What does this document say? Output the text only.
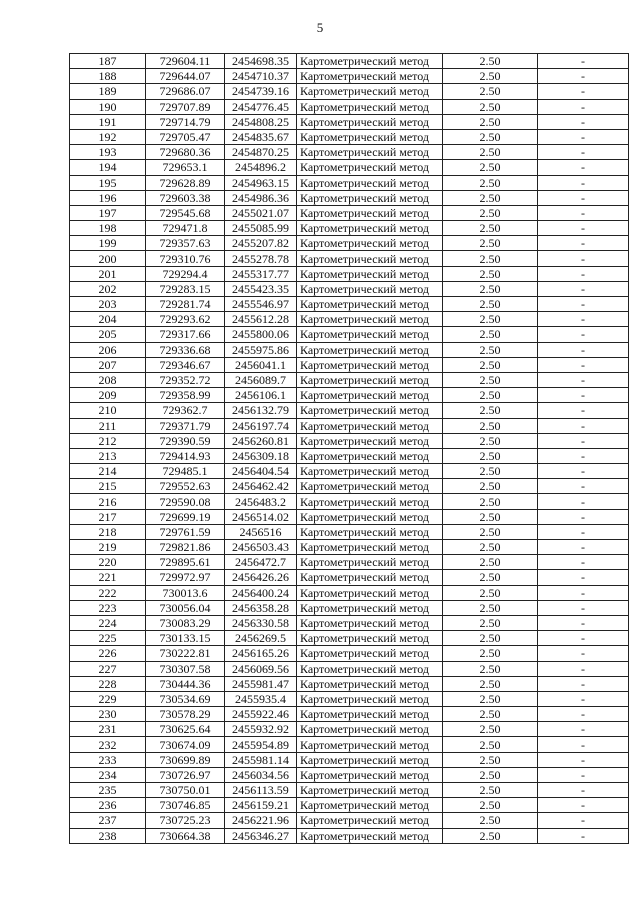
5
187	729604.11	2454698.35	Картометрический метод	2.50	-
188	729644.07	2454710.37	Картометрический метод	2.50	-
189	729686.07	2454739.16	Картометрический метод	2.50	-
190	729707.89	2454776.45	Картометрический метод	2.50	-
191	729714.79	2454808.25	Картометрический метод	2.50	-
192	729705.47	2454835.67	Картометрический метод	2.50	-
193	729680.36	2454870.25	Картометрический метод	2.50	-
194	729653.1	2454896.2	Картометрический метод	2.50	-
195	729628.89	2454963.15	Картометрический метод	2.50	-
196	729603.38	2454986.36	Картометрический метод	2.50	-
197	729545.68	2455021.07	Картометрический метод	2.50	-
198	729471.8	2455085.99	Картометрический метод	2.50	-
199	729357.63	2455207.82	Картометрический метод	2.50	-
200	729310.76	2455278.78	Картометрический метод	2.50	-
201	729294.4	2455317.77	Картометрический метод	2.50	-
202	729283.15	2455423.35	Картометрический метод	2.50	-
203	729281.74	2455546.97	Картометрический метод	2.50	-
204	729293.62	2455612.28	Картометрический метод	2.50	-
205	729317.66	2455800.06	Картометрический метод	2.50	-
206	729336.68	2455975.86	Картометрический метод	2.50	-
207	729346.67	2456041.1	Картометрический метод	2.50	-
208	729352.72	2456089.7	Картометрический метод	2.50	-
209	729358.99	2456106.1	Картометрический метод	2.50	-
210	729362.7	2456132.79	Картометрический метод	2.50	-
211	729371.79	2456197.74	Картометрический метод	2.50	-
212	729390.59	2456260.81	Картометрический метод	2.50	-
213	729414.93	2456309.18	Картометрический метод	2.50	-
214	729485.1	2456404.54	Картометрический метод	2.50	-
215	729552.63	2456462.42	Картометрический метод	2.50	-
216	729590.08	2456483.2	Картометрический метод	2.50	-
217	729699.19	2456514.02	Картометрический метод	2.50	-
218	729761.59	2456516	Картометрический метод	2.50	-
219	729821.86	2456503.43	Картометрический метод	2.50	-
220	729895.61	2456472.7	Картометрический метод	2.50	-
221	729972.97	2456426.26	Картометрический метод	2.50	-
222	730013.6	2456400.24	Картометрический метод	2.50	-
223	730056.04	2456358.28	Картометрический метод	2.50	-
224	730083.29	2456330.58	Картометрический метод	2.50	-
225	730133.15	2456269.5	Картометрический метод	2.50	-
226	730222.81	2456165.26	Картометрический метод	2.50	-
227	730307.58	2456069.56	Картометрический метод	2.50	-
228	730444.36	2455981.47	Картометрический метод	2.50	-
229	730534.69	2455935.4	Картометрический метод	2.50	-
230	730578.29	2455922.46	Картометрический метод	2.50	-
231	730625.64	2455932.92	Картометрический метод	2.50	-
232	730674.09	2455954.89	Картометрический метод	2.50	-
233	730699.89	2455981.14	Картометрический метод	2.50	-
234	730726.97	2456034.56	Картометрический метод	2.50	-
235	730750.01	2456113.59	Картометрический метод	2.50	-
236	730746.85	2456159.21	Картометрический метод	2.50	-
237	730725.23	2456221.96	Картометрический метод	2.50	-
238	730664.38	2456346.27	Картометрический метод	2.50	-
